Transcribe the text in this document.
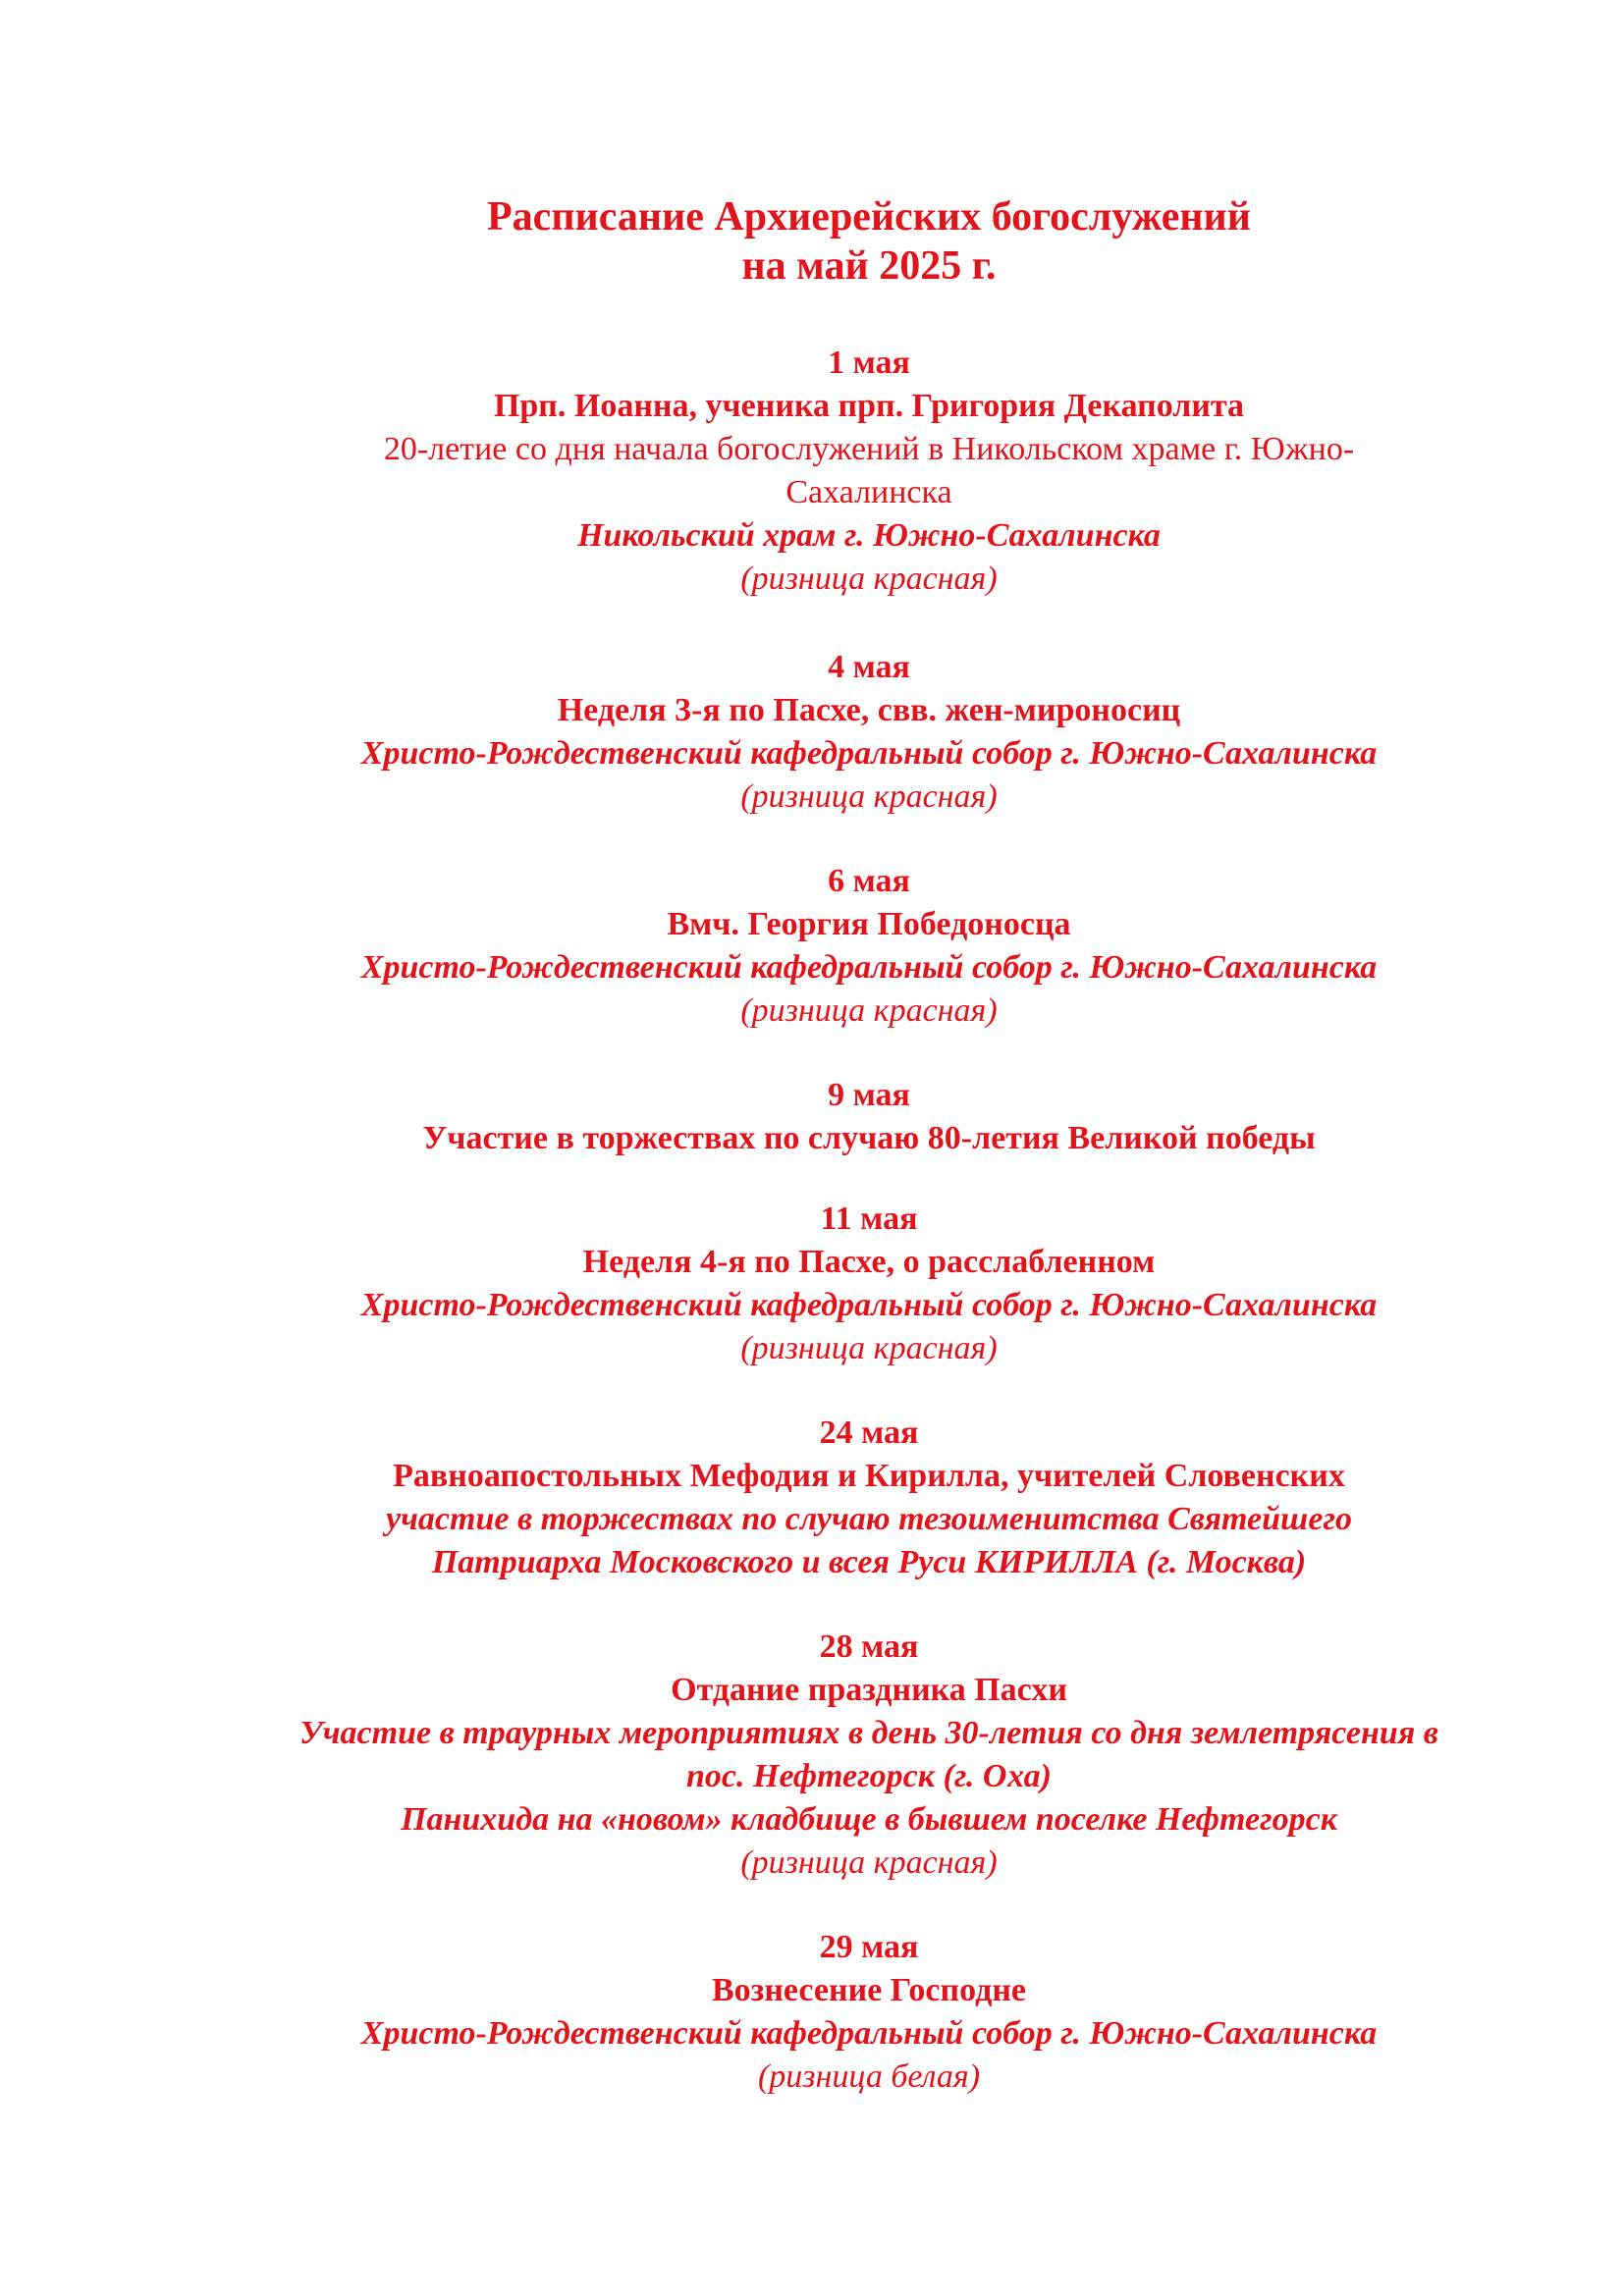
Расписание Архиерейских богослужений

на май 2025 г.

1 мая

Прп. Иоанна, ученика прп. Григория Декаполита

20-летие со дня начала богослужений в Никольском храме г. Южно-

Сахалинска

Никольский храм г. Южно-Сахалинска

(ризница красная)

4 мая

Неделя 3-я по Пасхе, свв. жен-мироносиц

Христо-Рождественский кафедральный собор г. Южно-Сахалинска

(ризница красная)

6 мая

Вмч. Георгия Победоносца

Христо-Рождественский кафедральный собор г. Южно-Сахалинска

(ризница красная)

9 мая

Участие в торжествах по случаю 80-летия Великой победы

11 мая

Неделя 4-я по Пасхе, о расслабленном

Христо-Рождественский кафедральный собор г. Южно-Сахалинска

(ризница красная)

24 мая

Равноапостольных Мефодия и Кирилла, учителей Словенских

участие в торжествах по случаю тезоименитства Святейшего

Патриарха Московского и всея Руси КИРИЛЛА (г. Москва)

28 мая

Отдание праздника Пасхи

Участие в траурных мероприятиях в день 30-летия со дня землетрясения в

пос. Нефтегорск (г. Оха)

Панихида на «новом» кладбище в бывшем поселке Нефтегорск

(ризница красная)

29 мая

Вознесение Господне

Христо-Рождественский кафедральный собор г. Южно-Сахалинска

(ризница белая)
